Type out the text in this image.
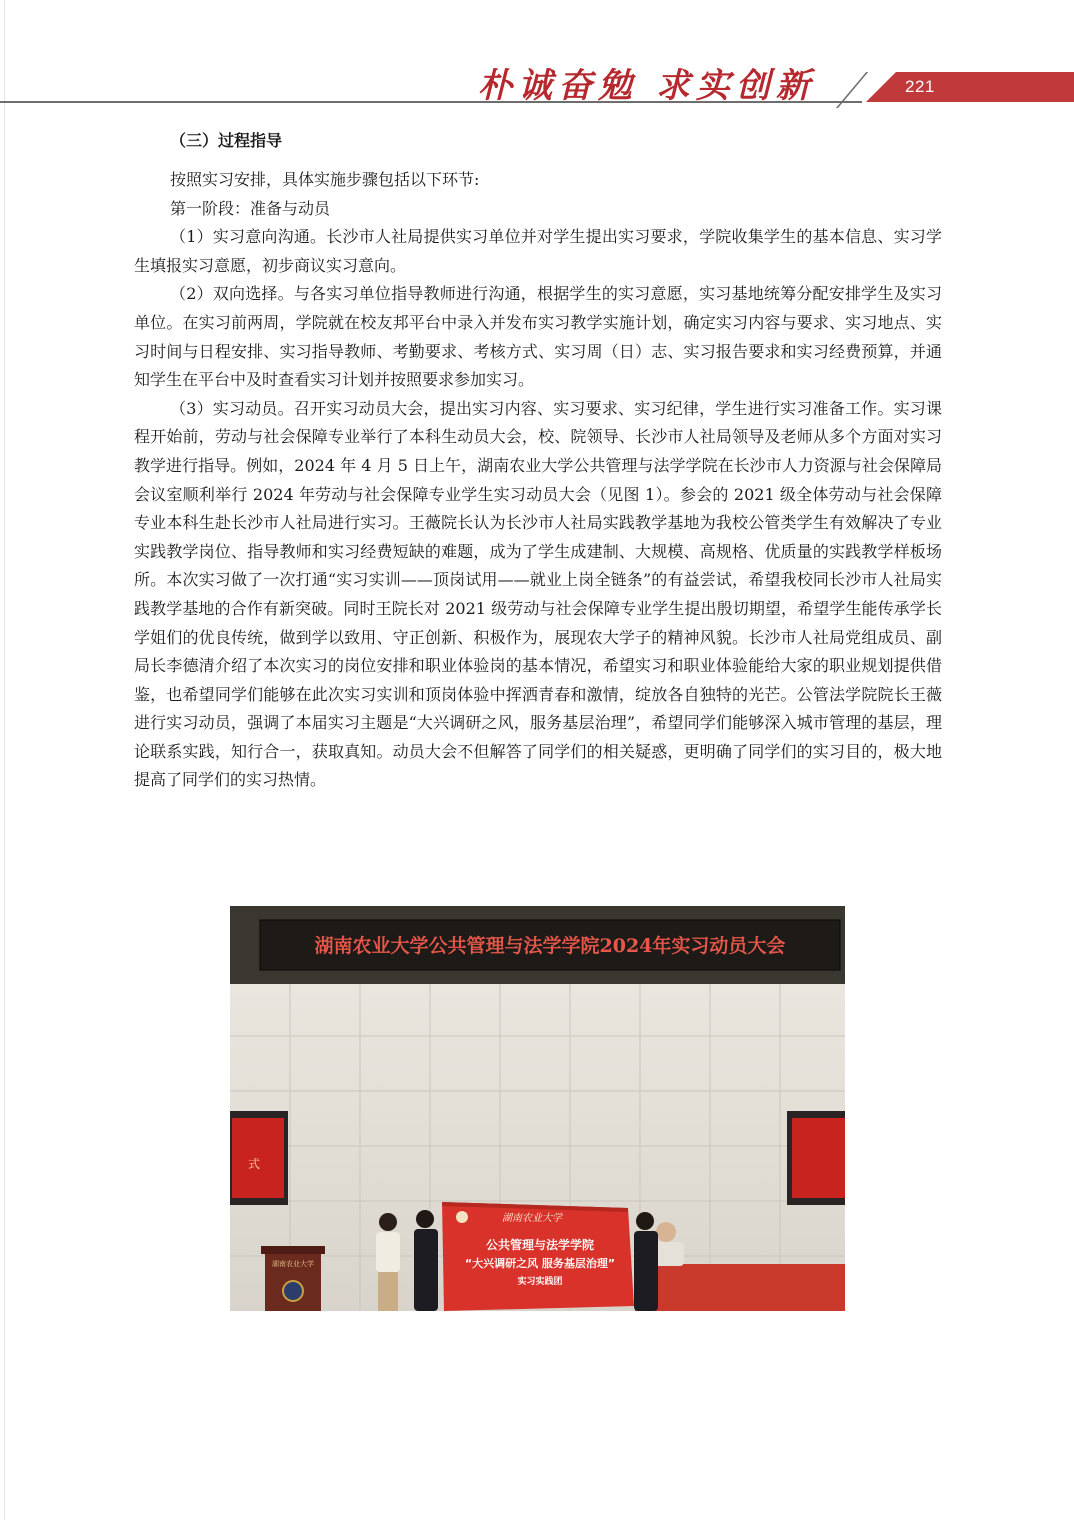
朴诚奋勉 求实创新	221

（三）过程指导

按照实习安排，具体实施步骤包括以下环节:

第一阶段：准备与动员

（1）实习意向沟通。长沙市人社局提供实习单位并对学生提出实习要求，学院收集学生的基本信息、实习学生填报实习意愿，初步商议实习意向。

（2）双向选择。与各实习单位指导教师进行沟通，根据学生的实习意愿，实习基地统筹分配安排学生及实习单位。在实习前两周，学院就在校友邦平台中录入并发布实习教学实施计划，确定实习内容与要求、实习地点、实习时间与日程安排、实习指导教师、考勤要求、考核方式、实习周（日）志、实习报告要求和实习经费预算，并通知学生在平台中及时查看实习计划并按照要求参加实习。

（3）实习动员。召开实习动员大会，提出实习内容、实习要求、实习纪律，学生进行实习准备工作。实习课程开始前，劳动与社会保障专业举行了本科生动员大会，校、院领导、长沙市人社局领导及老师从多个方面对实习教学进行指导。例如，2024 年 4 月 5 日上午，湖南农业大学公共管理与法学学院在长沙市人力资源与社会保障局会议室顺利举行 2024 年劳动与社会保障专业学生实习动员大会（见图 1）。参会的 2021 级全体劳动与社会保障专业本科生赴长沙市人社局进行实习。王薇院长认为长沙市人社局实践教学基地为我校公管类学生有效解决了专业实践教学岗位、指导教师和实习经费短缺的难题，成为了学生成建制、大规模、高规格、优质量的实践教学样板场所。本次实习做了一次打通“实习实训——顶岗试用——就业上岗全链条”的有益尝试，希望我校同长沙市人社局实践教学基地的合作有新突破。同时王院长对 2021 级劳动与社会保障专业学生提出殷切期望，希望学生能传承学长学姐们的优良传统，做到学以致用、守正创新、积极作为，展现农大学子的精神风貌。长沙市人社局党组成员、副局长李德清介绍了本次实习的岗位安排和职业体验岗的基本情况，希望实习和职业体验能给大家的职业规划提供借鉴，也希望同学们能够在此次实习实训和顶岗体验中挥洒青春和激情，绽放各自独特的光芒。公管法学院院长王薇进行实习动员，强调了本届实习主题是“大兴调研之风，服务基层治理”，希望同学们能够深入城市管理的基层，理论联系实践，知行合一，获取真知。动员大会不但解答了同学们的相关疑惑，更明确了同学们的实习目的，极大地提高了同学们的实习热情。

湖南农业大学公共管理与法学学院2024年实习动员大会
式
湖南农业大学
湖南农业大学
公共管理与法学学院
“大兴调研之风 服务基层治理”
实习实践团
